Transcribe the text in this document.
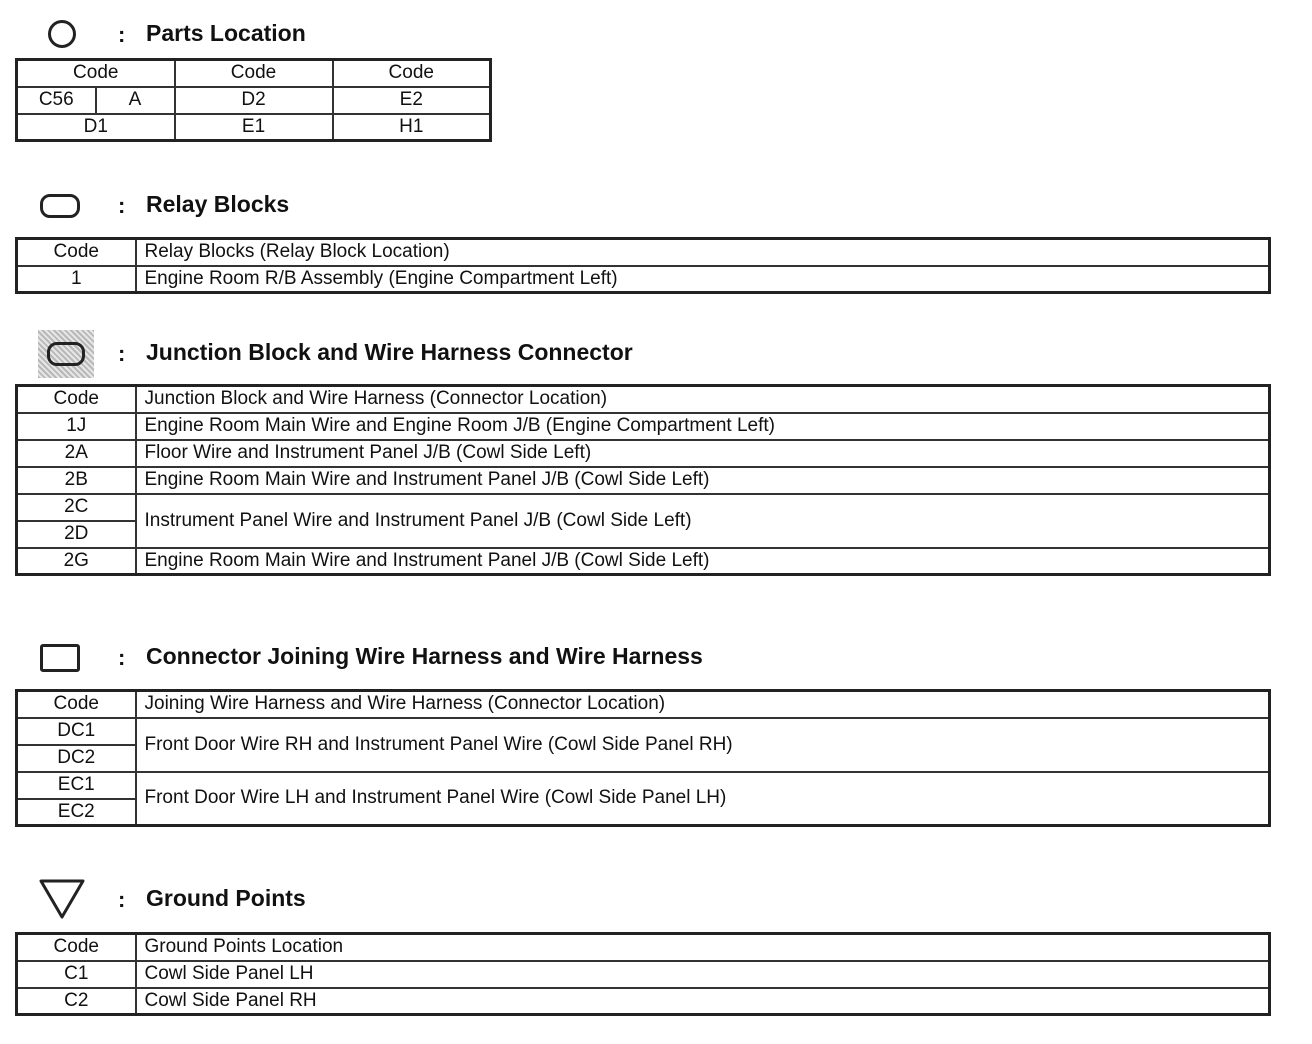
: Parts Location
Code		Code	Code
C56	A	D2	E2
D1		E1	H1
: Relay Blocks
Code	Relay Blocks (Relay Block Location)
1	Engine Room R/B Assembly (Engine Compartment Left)
: Junction Block and Wire Harness Connector
Code	Junction Block and Wire Harness (Connector Location)
1J	Engine Room Main Wire and Engine Room J/B (Engine Compartment Left)
2A	Floor Wire and Instrument Panel J/B (Cowl Side Left)
2B	Engine Room Main Wire and Instrument Panel J/B (Cowl Side Left)
2C	Instrument Panel Wire and Instrument Panel J/B (Cowl Side Left)
2D	
2G	Engine Room Main Wire and Instrument Panel J/B (Cowl Side Left)
: Connector Joining Wire Harness and Wire Harness
Code	Joining Wire Harness and Wire Harness (Connector Location)
DC1	Front Door Wire RH and Instrument Panel Wire (Cowl Side Panel RH)
DC2	
EC1	Front Door Wire LH and Instrument Panel Wire (Cowl Side Panel LH)
EC2	
: Ground Points
Code	Ground Points Location
C1	Cowl Side Panel LH
C2	Cowl Side Panel RH
